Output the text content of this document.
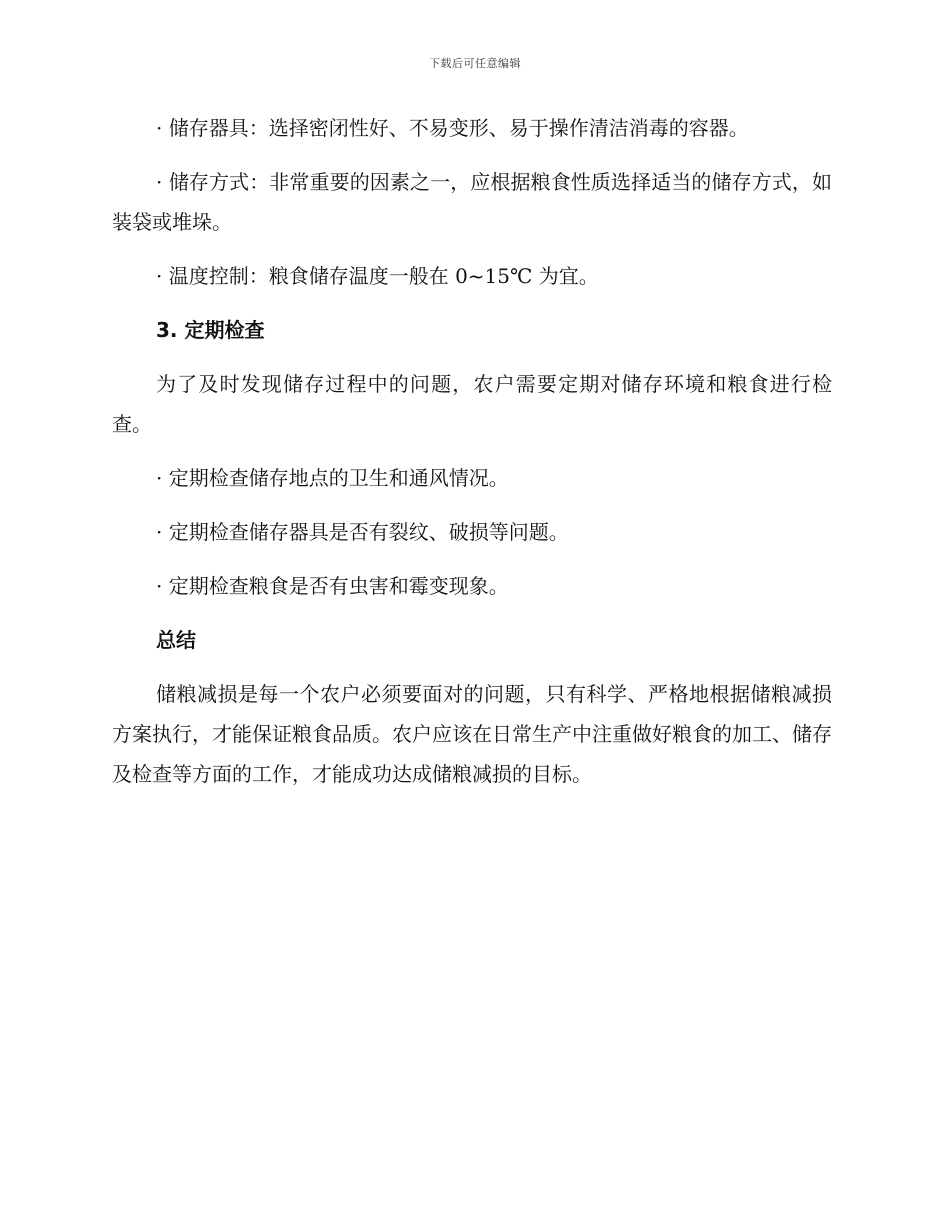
下载后可任意编辑

· 储存器具：选择密闭性好、不易变形、易于操作清洁消毒的容器。

· 储存方式：非常重要的因素之一，应根据粮食性质选择适当的储存方式，如装袋或堆垛。

· 温度控制：粮食储存温度一般在 0~15℃ 为宜。

3. 定期检查

为了及时发现储存过程中的问题，农户需要定期对储存环境和粮食进行检查。

· 定期检查储存地点的卫生和通风情况。

· 定期检查储存器具是否有裂纹、破损等问题。

· 定期检查粮食是否有虫害和霉变现象。

总结

储粮减损是每一个农户必须要面对的问题，只有科学、严格地根据储粮减损方案执行，才能保证粮食品质。农户应该在日常生产中注重做好粮食的加工、储存及检查等方面的工作，才能成功达成储粮减损的目标。
